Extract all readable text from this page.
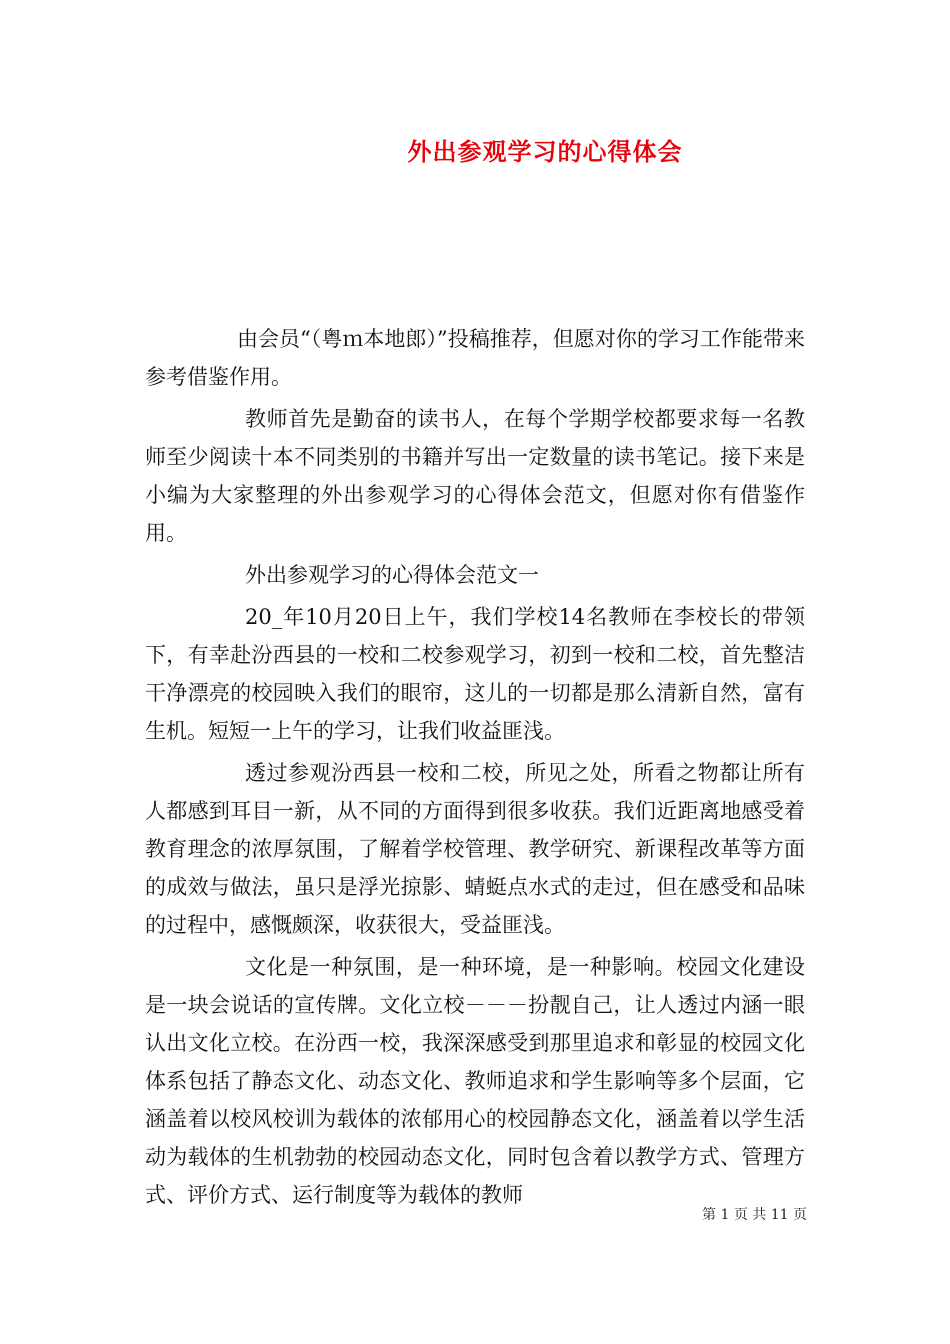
外出参观学习的心得体会

由会员“（粤ｍ本地郎）”投稿推荐，但愿对你的学习工作能带来参考借鉴作用。

教师首先是勤奋的读书人，在每个学期学校都要求每一名教师至少阅读十本不同类别的书籍并写出一定数量的读书笔记。接下来是小编为大家整理的外出参观学习的心得体会范文，但愿对你有借鉴作用。

外出参观学习的心得体会范文一

20_年10月20日上午，我们学校14名教师在李校长的带领下，有幸赴汾西县的一校和二校参观学习，初到一校和二校，首先整洁干净漂亮的校园映入我们的眼帘，这儿的一切都是那么清新自然，富有生机。短短一上午的学习，让我们收益匪浅。

透过参观汾西县一校和二校，所见之处，所看之物都让所有人都感到耳目一新，从不同的方面得到很多收获。我们近距离地感受着教育理念的浓厚氛围，了解着学校管理、教学研究、新课程改革等方面的成效与做法，虽只是浮光掠影、蜻蜓点水式的走过，但在感受和品味的过程中，感慨颇深，收获很大，受益匪浅。

文化是一种氛围，是一种环境，是一种影响。校园文化建设是一块会说话的宣传牌。文化立校－－－扮靓自己，让人透过内涵一眼认出文化立校。在汾西一校，我深深感受到那里追求和彰显的校园文化体系包括了静态文化、动态文化、教师追求和学生影响等多个层面，它涵盖着以校风校训为载体的浓郁用心的校园静态文化，涵盖着以学生活动为载体的生机勃勃的校园动态文化，同时包含着以教学方式、管理方式、评价方式、运行制度等为载体的教师

第 1 页 共 11 页
